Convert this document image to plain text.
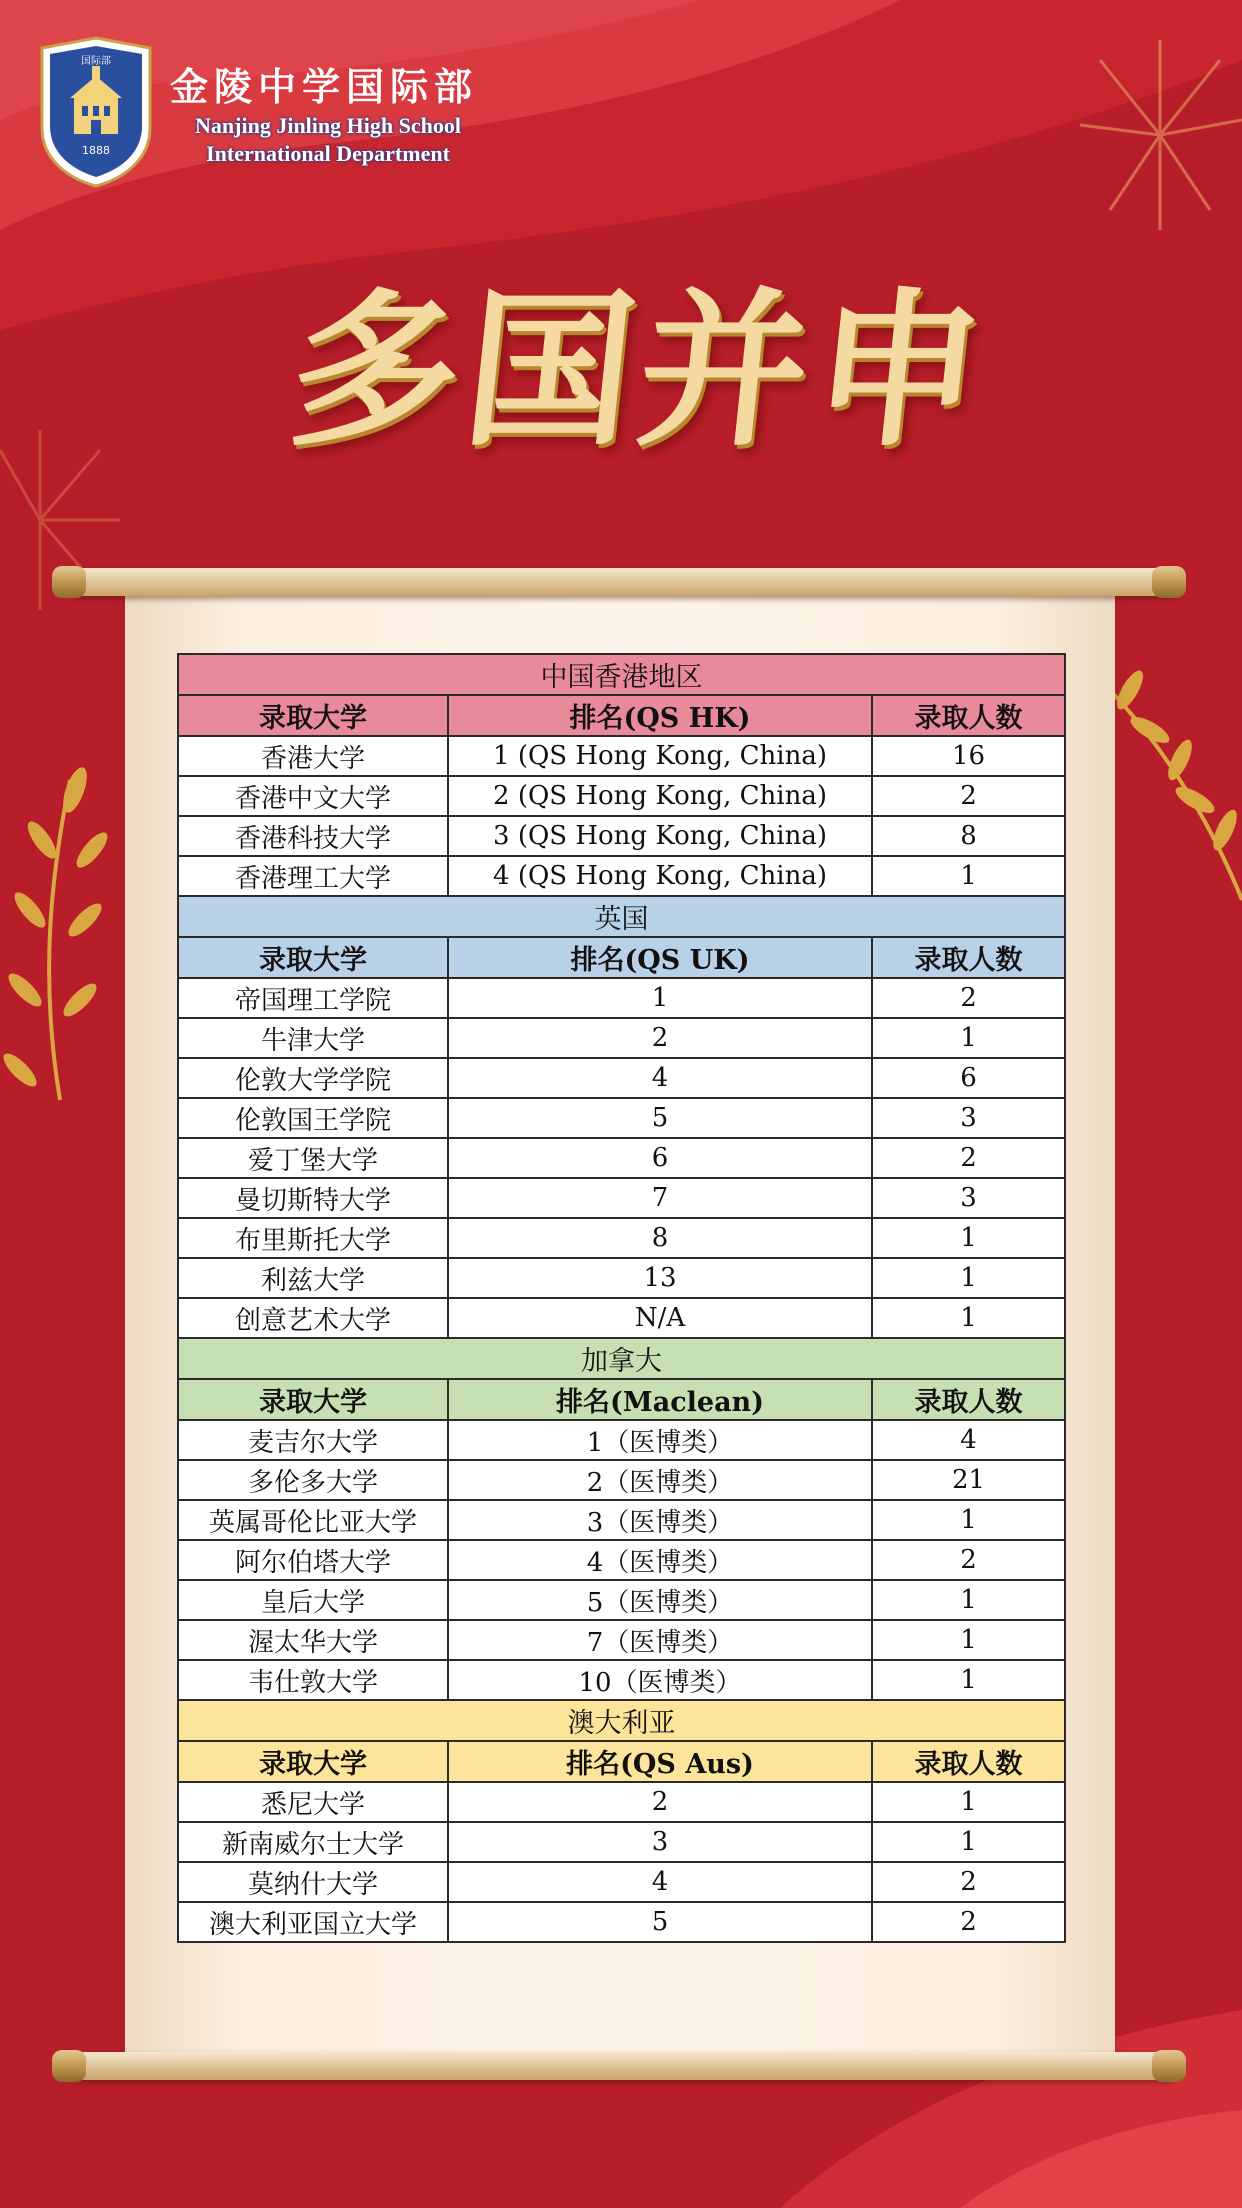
国际部
1888
金陵中学国际部
Nanjing Jinling High School
International Department
多国并申
中国香港地区		
录取大学	排名(QS HK)	录取人数
香港大学	1 (QS Hong Kong, China)	16
香港中文大学	2 (QS Hong Kong, China)	2
香港科技大学	3 (QS Hong Kong, China)	8
香港理工大学	4 (QS Hong Kong, China)	1
英国		
录取大学	排名(QS UK)	录取人数
帝国理工学院	1	2
牛津大学	2	1
伦敦大学学院	4	6
伦敦国王学院	5	3
爱丁堡大学	6	2
曼切斯特大学	7	3
布里斯托大学	8	1
利兹大学	13	1
创意艺术大学	N/A	1
加拿大		
录取大学	排名(Maclean)	录取人数
麦吉尔大学	1（医博类）	4
多伦多大学	2（医博类）	21
英属哥伦比亚大学	3（医博类）	1
阿尔伯塔大学	4（医博类）	2
皇后大学	5（医博类）	1
渥太华大学	7（医博类）	1
韦仕敦大学	10（医博类）	1
澳大利亚		
录取大学	排名(QS Aus)	录取人数
悉尼大学	2	1
新南威尔士大学	3	1
莫纳什大学	4	2
澳大利亚国立大学	5	2
